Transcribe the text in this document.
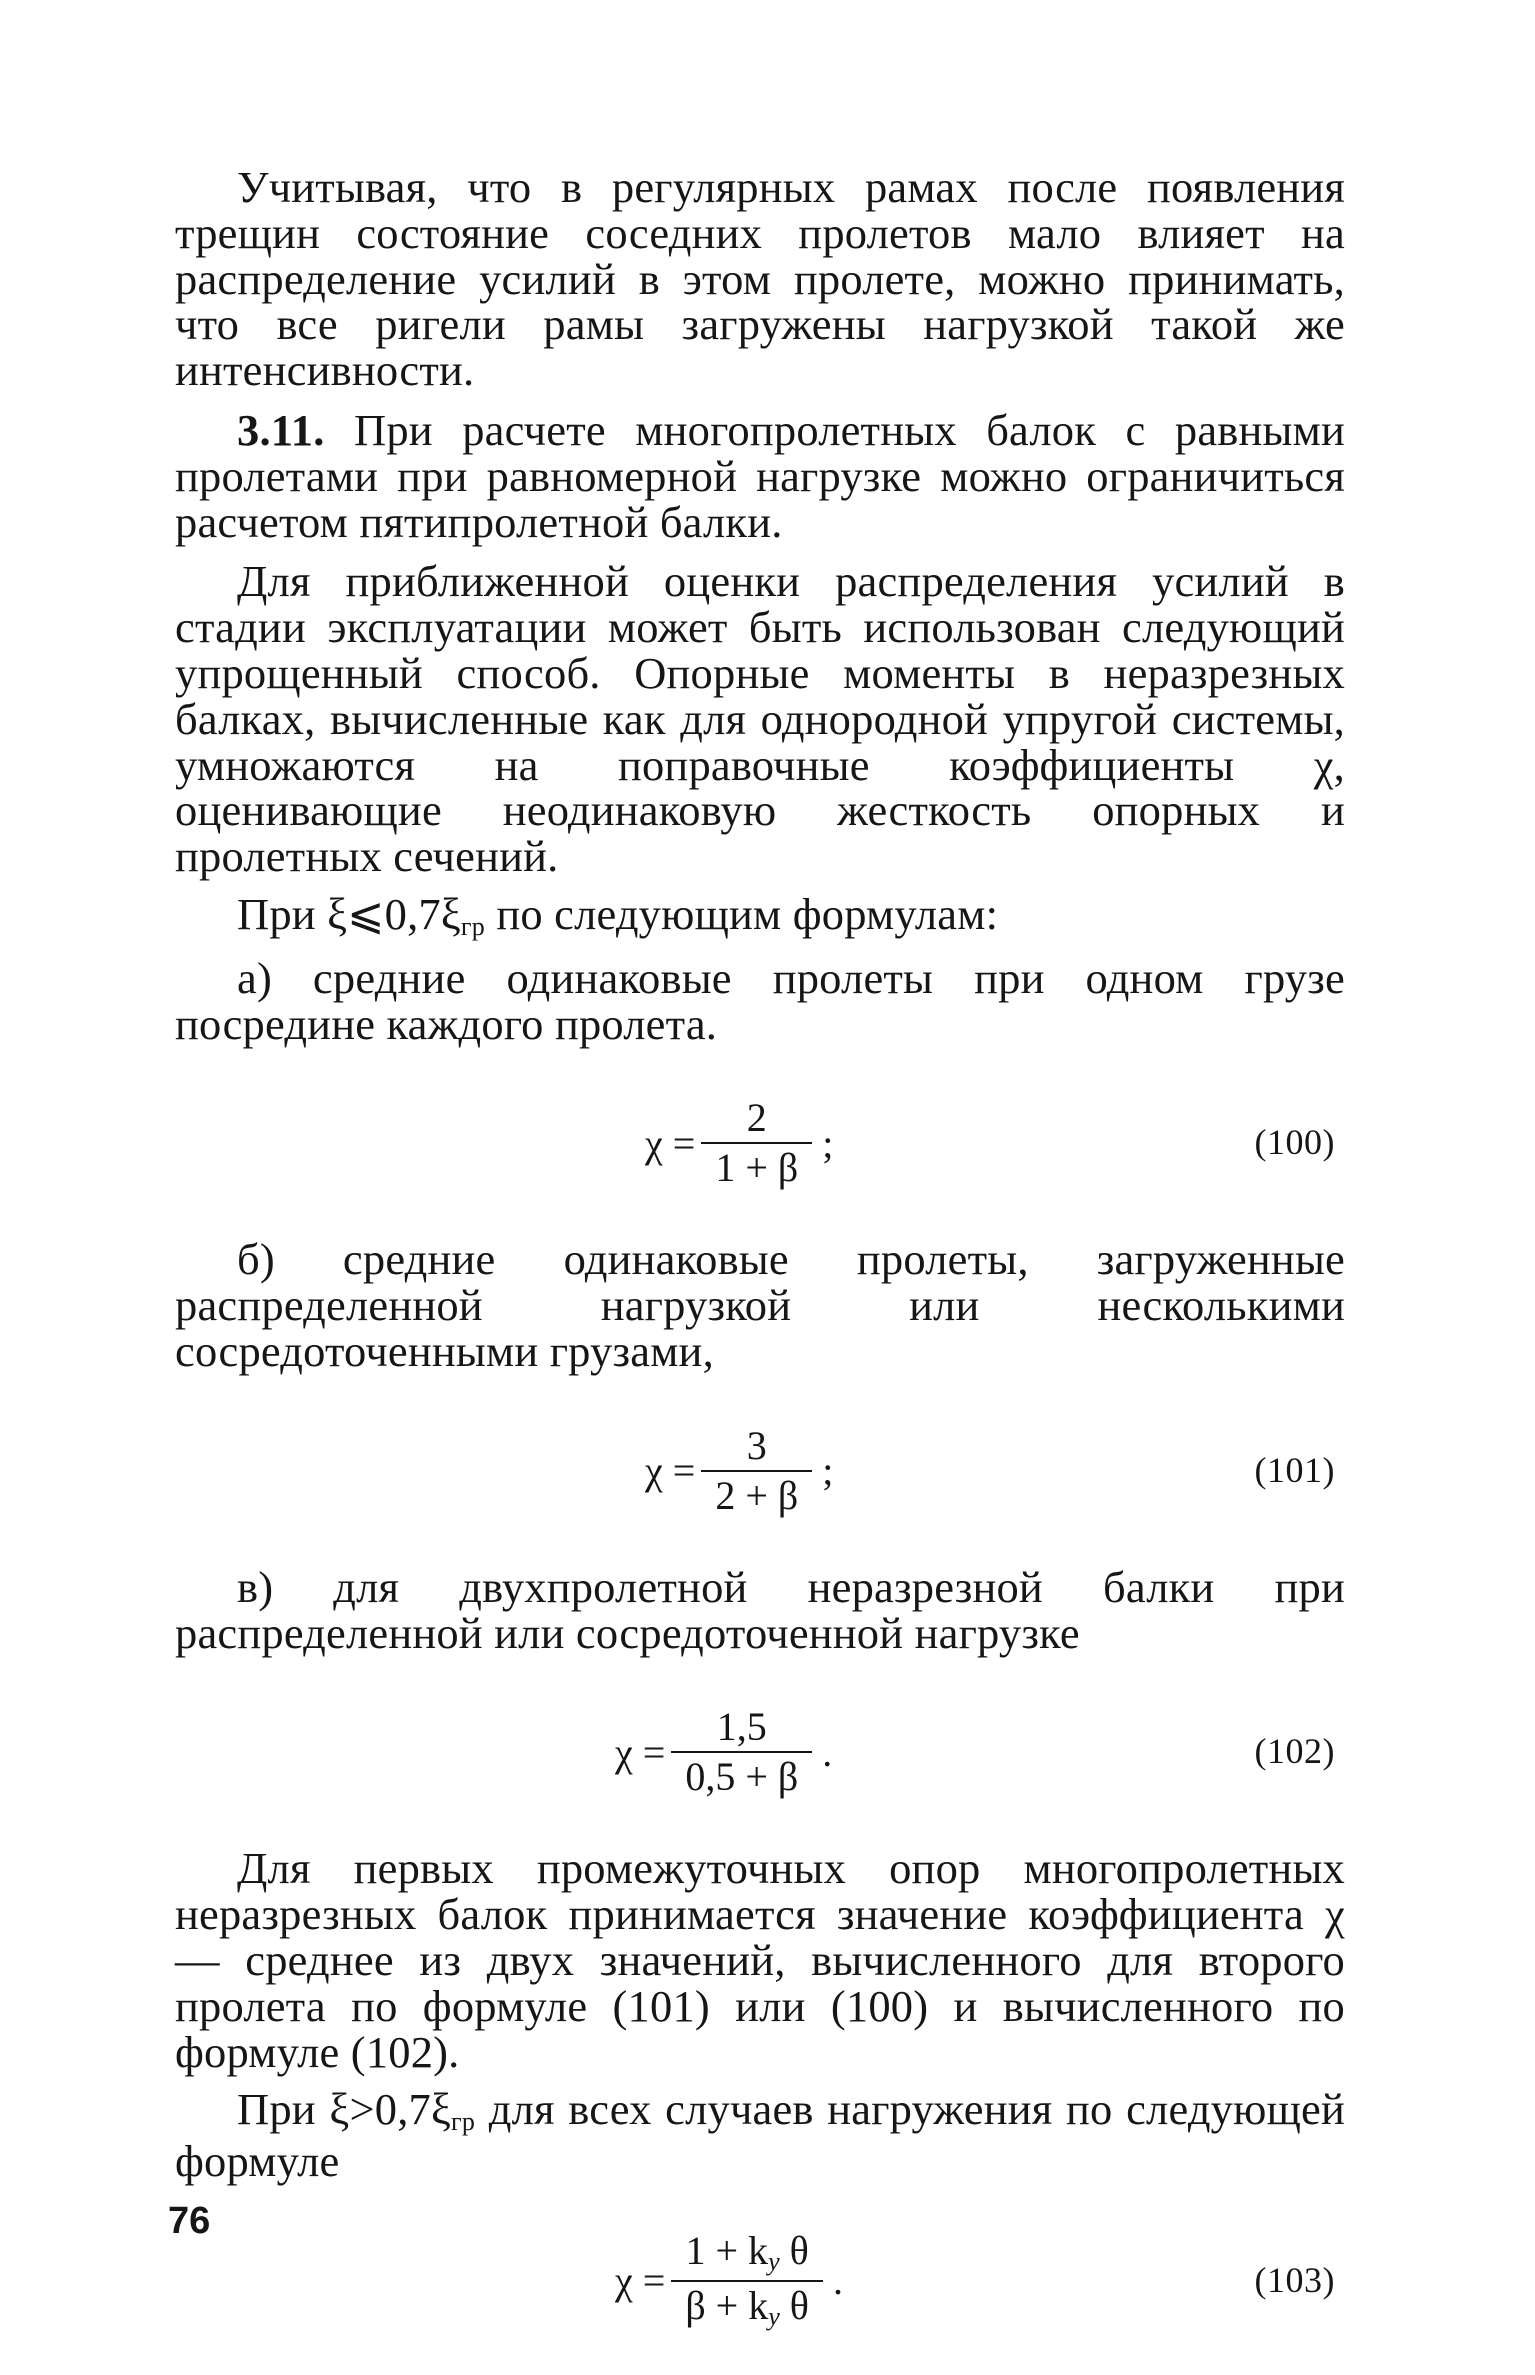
Учитывая, что в регулярных рамах после появления трещин состояние соседних пролетов мало влияет на распределение усилий в этом пролете, можно принимать, что все ригели рамы загружены нагрузкой такой же интенсивности.

3.11. При расчете многопролетных балок с равными пролетами при равномерной нагрузке можно ограничиться расчетом пятипролетной балки.

Для приближенной оценки распределения усилий в стадии эксплуатации может быть использован следующий упрощенный способ. Опорные моменты в неразрезных балках, вычисленные как для однородной упругой системы, умножаются на поправочные коэффициенты χ, оценивающие неодинаковую жесткость опорных и пролетных сечений.

При ξ⩽0,7ξгр по следующим формулам:

а) средние одинаковые пролеты при одном грузе посредине каждого пролета.

$\chi = \frac{2}{1 + \beta}$ ;	(100)

б) средние одинаковые пролеты, загруженные распределенной нагрузкой или несколькими сосредоточенными грузами,

$\chi = \frac{3}{2 + \beta}$ ;	(101)

в) для двухпролетной неразрезной балки при распределенной или сосредоточенной нагрузке

$\chi = \frac{1,5}{0,5 + \beta}$ .	(102)

Для первых промежуточных опор многопролетных неразрезных балок принимается значение коэффициента χ — среднее из двух значений, вычисленного для второго пролета по формуле (101) или (100) и вычисленного по формуле (102).

При ξ>0,7ξгр для всех случаев нагружения по следующей формуле

$\chi = \frac{\text{1 + ky θ}}{\text{β + ky θ}}$ .	(103)
76
